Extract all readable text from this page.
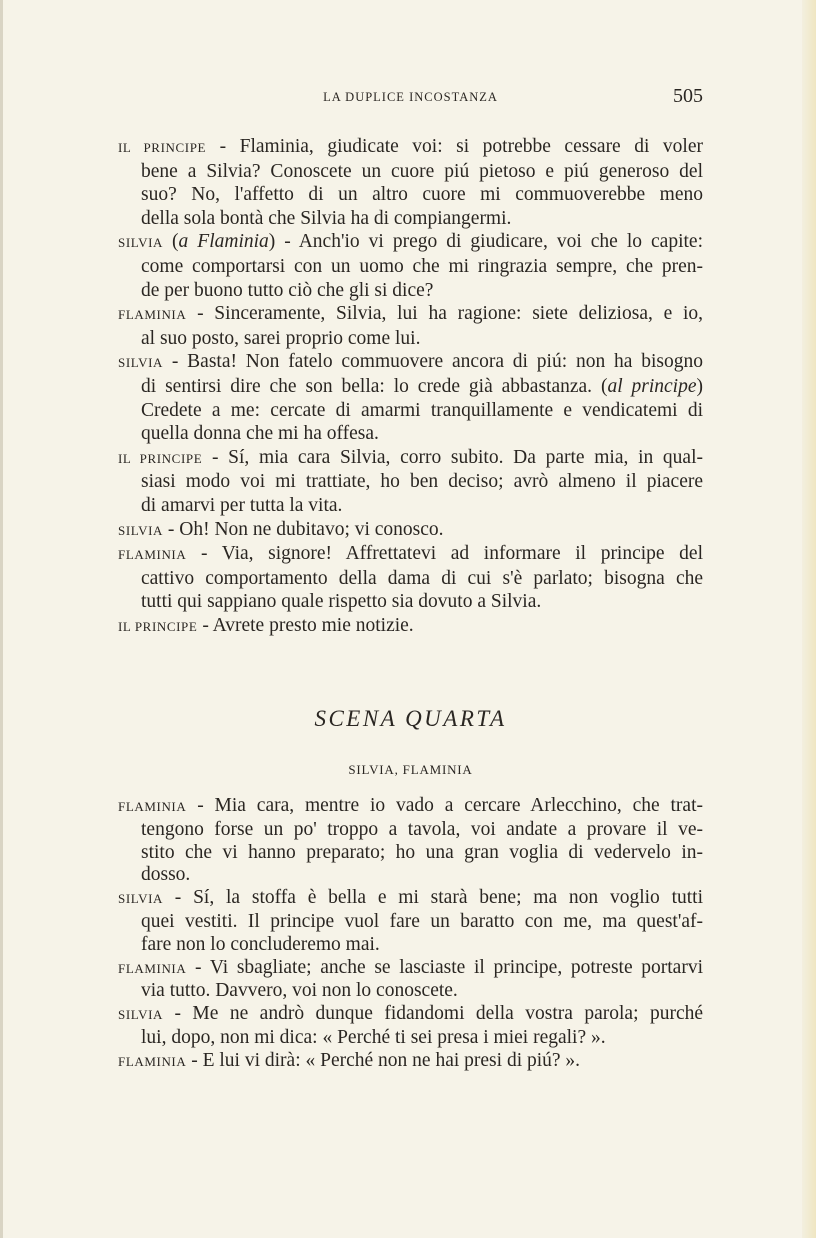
LA DUPLICE INCOSTANZA	505
IL PRINCIPE - Flaminia, giudicate voi: si potrebbe cessare di voler
bene a Silvia? Conoscete un cuore piú pietoso e piú generoso del
suo? No, l'affetto di un altro cuore mi commuoverebbe meno
della sola bontà che Silvia ha di compiangermi.
SILVIA (a Flaminia) - Anch'io vi prego di giudicare, voi che lo capite:
come comportarsi con un uomo che mi ringrazia sempre, che pren-
de per buono tutto ciò che gli si dice?
FLAMINIA - Sinceramente, Silvia, lui ha ragione: siete deliziosa, e io,
al suo posto, sarei proprio come lui.
SILVIA - Basta! Non fatelo commuovere ancora di piú: non ha bisogno
di sentirsi dire che son bella: lo crede già abbastanza. (al principe)
Credete a me: cercate di amarmi tranquillamente e vendicatemi di
quella donna che mi ha offesa.
IL PRINCIPE - Sí, mia cara Silvia, corro subito. Da parte mia, in qual-
siasi modo voi mi trattiate, ho ben deciso; avrò almeno il piacere
di amarvi per tutta la vita.
SILVIA - Oh! Non ne dubitavo; vi conosco.
FLAMINIA - Via, signore! Affrettatevi ad informare il principe del
cattivo comportamento della dama di cui s'è parlato; bisogna che
tutti qui sappiano quale rispetto sia dovuto a Silvia.
IL PRINCIPE - Avrete presto mie notizie.
SCENA QUARTA
SILVIA, FLAMINIA
FLAMINIA - Mia cara, mentre io vado a cercare Arlecchino, che trat-
tengono forse un po' troppo a tavola, voi andate a provare il ve-
stito che vi hanno preparato; ho una gran voglia di vedervelo in-
dosso.
SILVIA - Sí, la stoffa è bella e mi starà bene; ma non voglio tutti
quei vestiti. Il principe vuol fare un baratto con me, ma quest'af-
fare non lo concluderemo mai.
FLAMINIA - Vi sbagliate; anche se lasciaste il principe, potreste portarvi
via tutto. Davvero, voi non lo conoscete.
SILVIA - Me ne andrò dunque fidandomi della vostra parola; purché
lui, dopo, non mi dica: « Perché ti sei presa i miei regali? ».
FLAMINIA - E lui vi dirà: « Perché non ne hai presi di piú? ».
